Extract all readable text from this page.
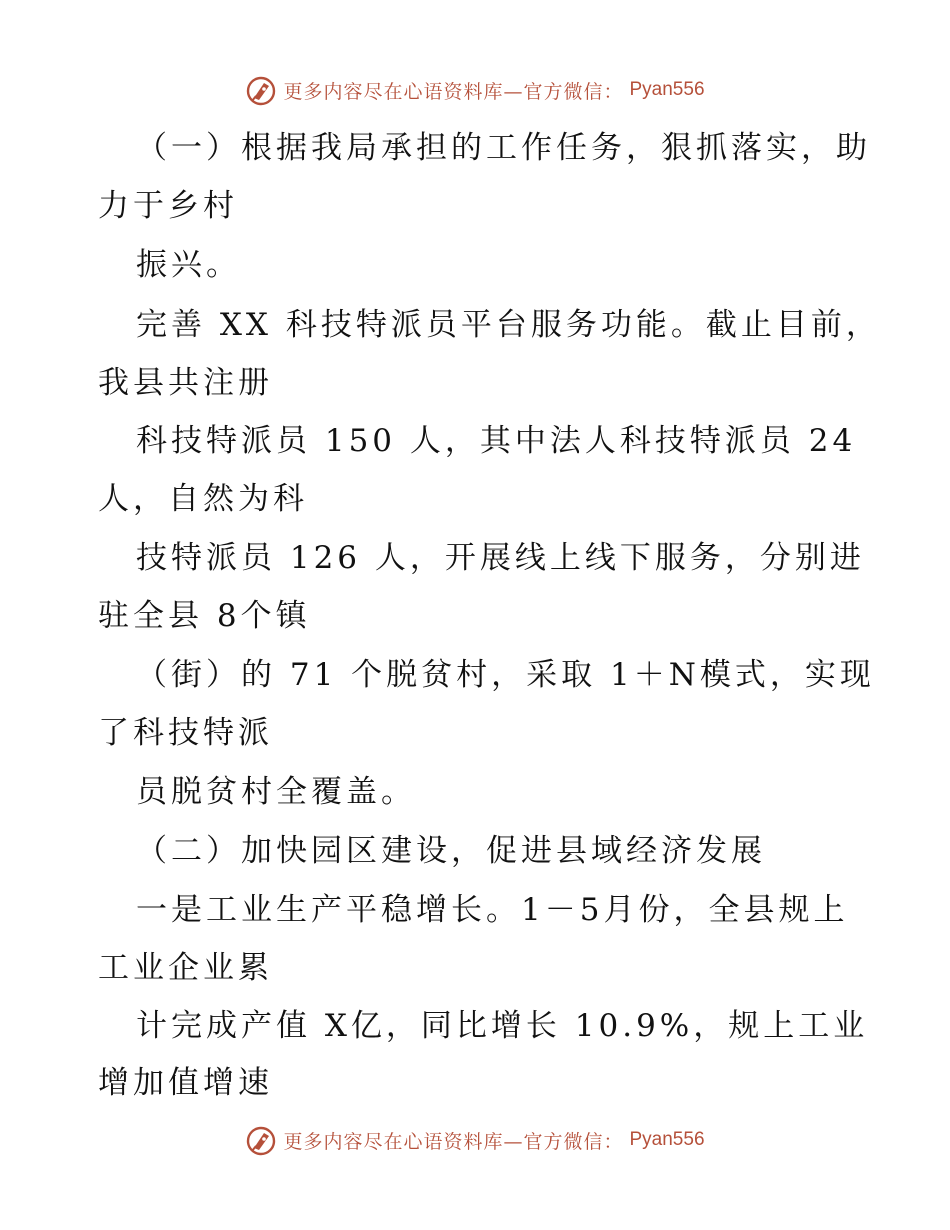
更多内容尽在心语资料库—官方微信： Pyan556
（一）根据我局承担的工作任务，狠抓落实，助
力于乡村
振兴。
完善 XX 科技特派员平台服务功能。截止目前，
我县共注册
科技特派员 150 人，其中法人科技特派员 24
人，自然为科
技特派员 126 人，开展线上线下服务，分别进
驻全县 8个镇
（街）的 71 个脱贫村，采取 1＋N模式，实现
了科技特派
员脱贫村全覆盖。
（二）加快园区建设，促进县域经济发展
一是工业生产平稳增长。1－5月份，全县规上
工业企业累
计完成产值 X亿，同比增长 10.9%，规上工业
增加值增速
更多内容尽在心语资料库—官方微信： Pyan556
